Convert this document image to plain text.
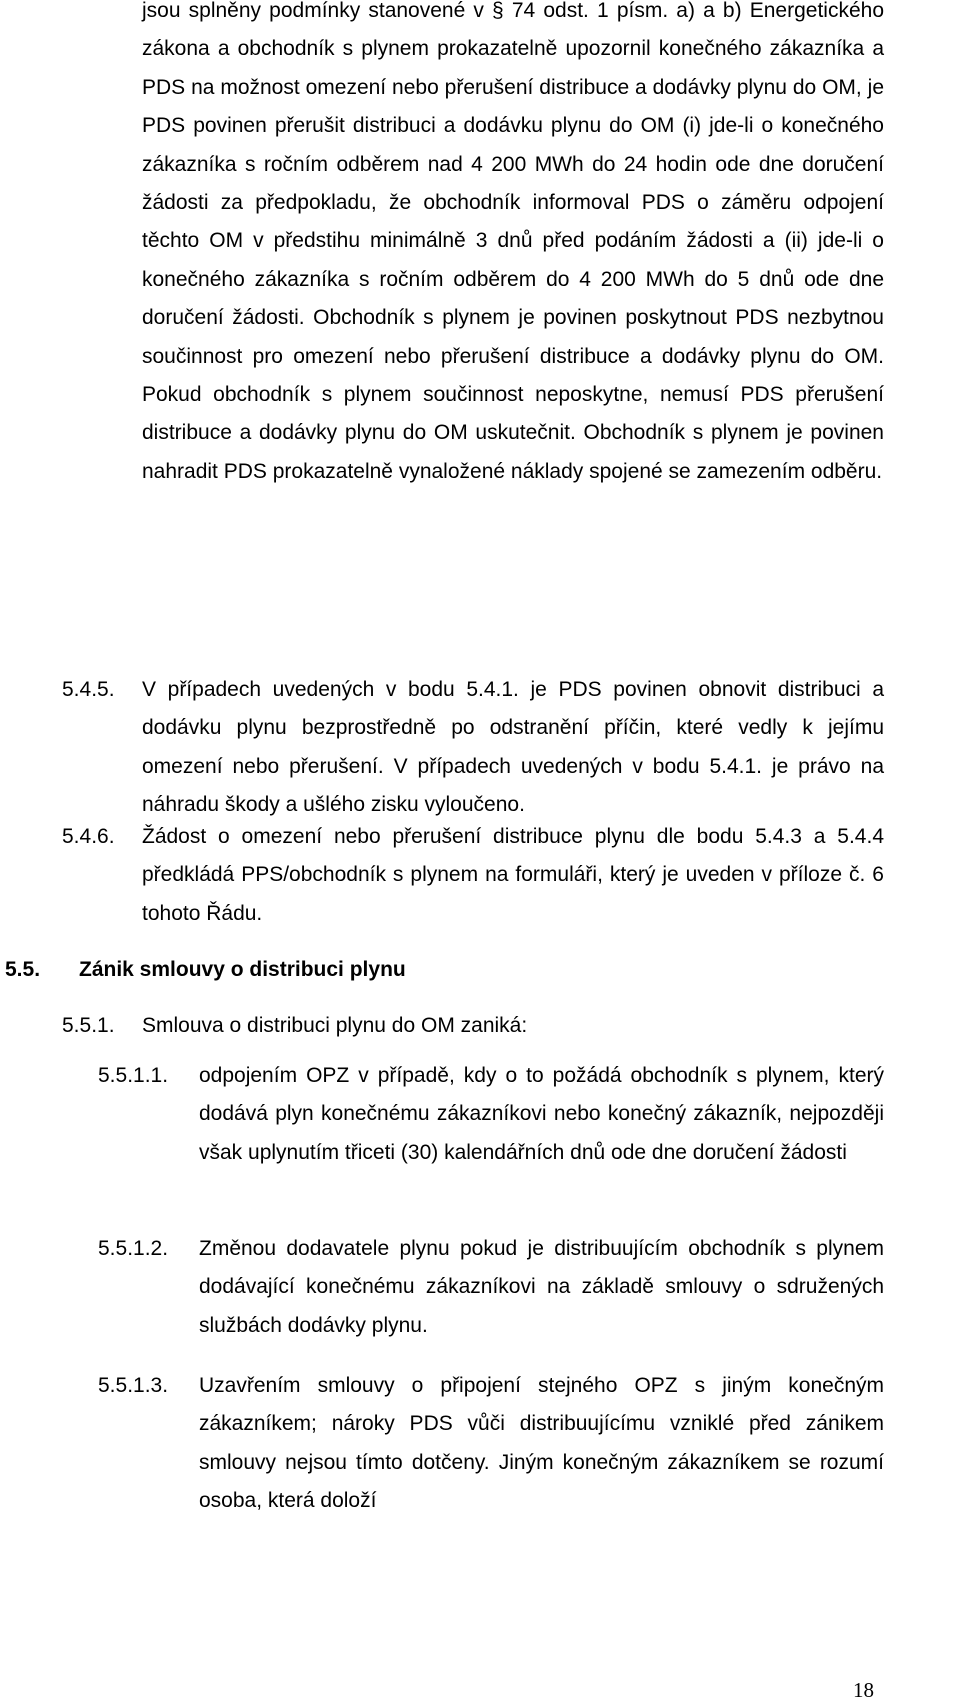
jsou splněny podmínky stanovené v § 74 odst. 1 písm. a) a b) Energetického zákona a obchodník s plynem prokazatelně upozornil konečného zákazníka a PDS na možnost omezení nebo přerušení distribuce a dodávky plynu do OM, je PDS povinen přerušit distribuci a dodávku plynu do OM (i) jde-li o konečného zákazníka s ročním odběrem nad 4 200 MWh do 24 hodin ode dne doručení žádosti za předpokladu, že obchodník informoval PDS o záměru odpojení těchto OM v předstihu minimálně 3 dnů před podáním žádosti a (ii) jde-li o konečného zákazníka s ročním odběrem do 4 200 MWh do 5 dnů ode dne doručení žádosti. Obchodník s plynem je povinen poskytnout PDS nezbytnou součinnost pro omezení nebo přerušení distribuce a dodávky plynu do OM. Pokud obchodník s plynem součinnost neposkytne, nemusí PDS přerušení distribuce a dodávky plynu do OM uskutečnit. Obchodník s plynem je povinen nahradit PDS prokazatelně vynaložené náklady spojené se zamezením odběru.
5.4.5. V případech uvedených v bodu 5.4.1. je PDS povinen obnovit distribuci a dodávku plynu bezprostředně po odstranění příčin, které vedly k jejímu omezení nebo přerušení. V případech uvedených v bodu 5.4.1. je právo na náhradu škody a ušlého zisku vyloučeno.
5.4.6. Žádost o omezení nebo přerušení distribuce plynu dle bodu 5.4.3 a 5.4.4 předkládá PPS/obchodník s plynem na formuláři, který je uveden v příloze č. 6 tohoto Řádu.
5.5. Zánik smlouvy o distribuci plynu
5.5.1. Smlouva o distribuci plynu do OM zaniká:
5.5.1.1. odpojením OPZ v případě, kdy o to požádá obchodník s plynem, který dodává plyn konečnému zákazníkovi nebo konečný zákazník, nejpozději však uplynutím třiceti (30) kalendářních dnů ode dne doručení žádosti
5.5.1.2. Změnou dodavatele plynu pokud je distribuujícím obchodník s plynem dodávající konečnému zákazníkovi na základě smlouvy o sdružených službách dodávky plynu.
5.5.1.3. Uzavřením smlouvy o připojení stejného OPZ s jiným konečným zákazníkem; nároky PDS vůči distribuujícímu vzniklé před zánikem smlouvy nejsou tímto dotčeny. Jiným konečným zákazníkem se rozumí osoba, která doloží
18
